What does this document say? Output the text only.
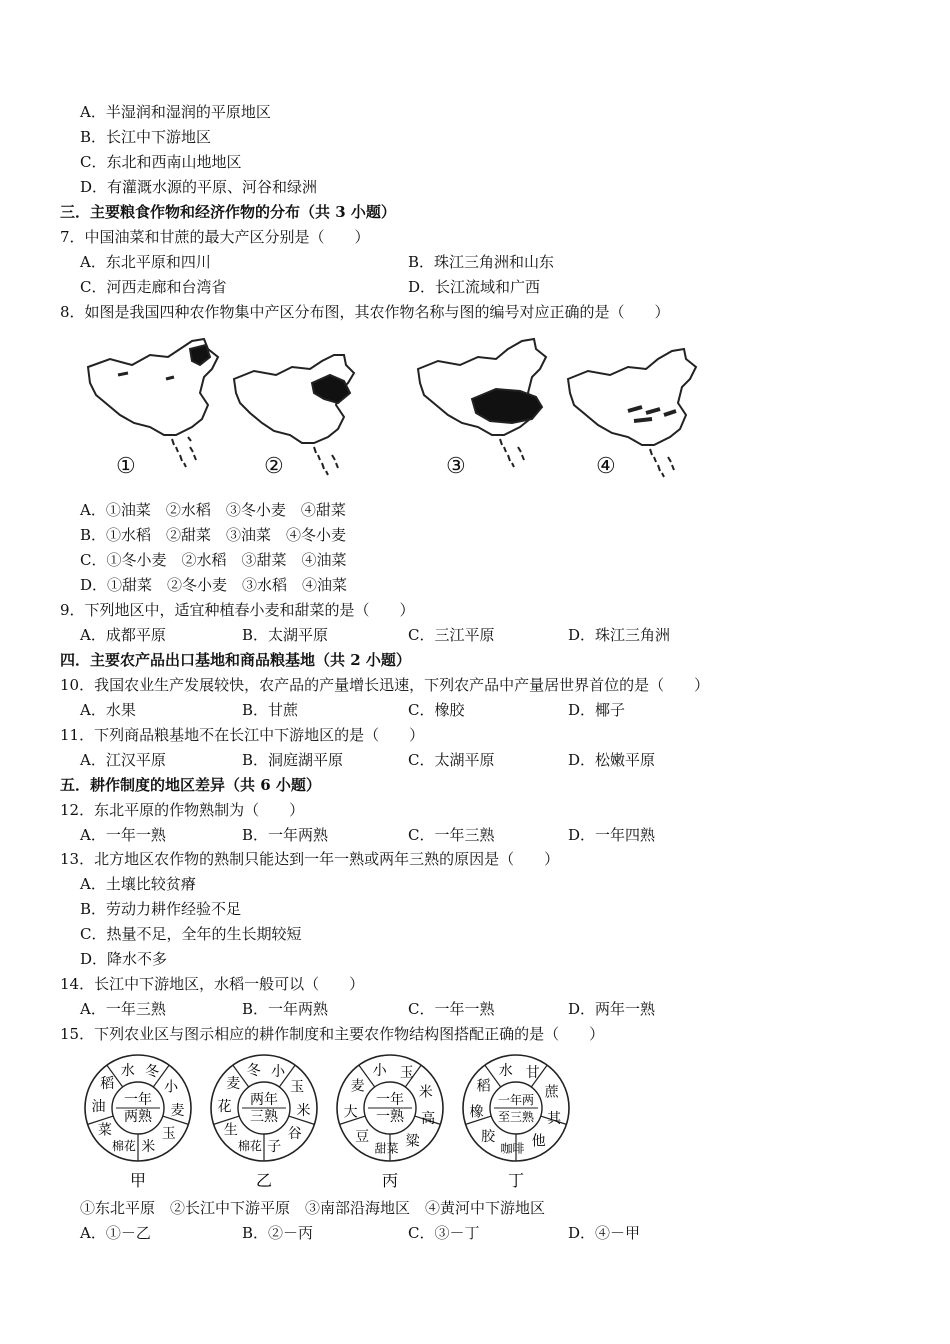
A．半湿润和湿润的平原地区
B．长江中下游地区
C．东北和西南山地地区
D．有灌溉水源的平原、河谷和绿洲
三．主要粮食作物和经济作物的分布（共 3 小题）
7．中国油菜和甘蔗的最大产区分别是（　　）
A．东北平原和四川	B．珠江三角洲和山东
C．河西走廊和台湾省	D．长江流域和广西
8．如图是我国四种农作物集中产区分布图，其农作物名称与图的编号对应正确的是（　　）
①	②	③	④
A．①油菜　②水稻　③冬小麦　④甜菜
B．①水稻　②甜菜　③油菜　④冬小麦
C．①冬小麦　②水稻　③甜菜　④油菜
D．①甜菜　②冬小麦　③水稻　④油菜
9．下列地区中，适宜种植春小麦和甜菜的是（　　）
A．成都平原	B．太湖平原	C．三江平原	D．珠江三角洲
四．主要农产品出口基地和商品粮基地（共 2 小题）
10．我国农业生产发展较快，农产品的产量增长迅速，下列农产品中产量居世界首位的是（　　）
A．水果	B．甘蔗	C．橡胶	D．椰子
11．下列商品粮基地不在长江中下游地区的是（　　）
A．江汉平原	B．洞庭湖平原	C．太湖平原	D．松嫩平原
五．耕作制度的地区差异（共 6 小题）
12．东北平原的作物熟制为（　　）
A．一年一熟	B．一年两熟	C．一年三熟	D．一年四熟
13．北方地区农作物的熟制只能达到一年一熟或两年三熟的原因是（　　）
A．土壤比较贫瘠
B．劳动力耕作经验不足
C．热量不足，全年的生长期较短
D．降水不多
14．长江中下游地区，水稻一般可以（　　）
A．一年三熟	B．一年两熟	C．一年一熟	D．两年一熟
15．下列农业区与图示相应的耕作制度和主要农作物结构图搭配正确的是（　　）
一年
两熟
水 冬
小
麦
玉
米
棉花
菜
油
稻
甲
两年
三熟
冬 小
玉
米
谷
子
棉花
生
花
麦
乙
一年
一熟
小 玉
米
高
粱
甜菜
豆
大
麦
丙
一年两
至三熟
水 甘
蔗
其
他
咖啡
胶
橡
稻
丁
①东北平原　②长江中下游平原　③南部沿海地区　④黄河中下游地区
A．①－乙	B．②－丙	C．③－丁	D．④－甲
